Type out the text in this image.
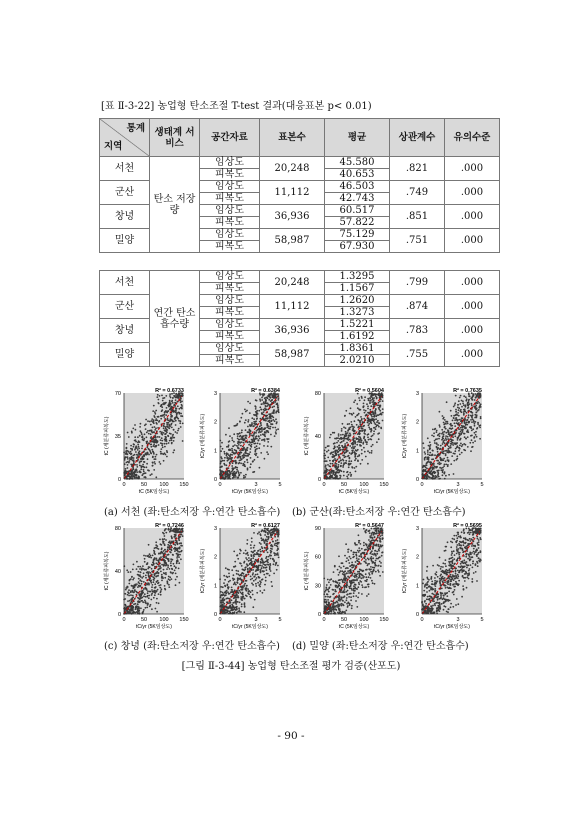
[표 Ⅱ-3-22] 농업형 탄소조절 T-test 결과(대응표본 p< 0.01)
통계
지역	생태계 서비스	공간자료	표본수	평균	상관계수	유의수준
서천	탄소 저장량	임상도	20,248	45.580	.821	.000
		피복도		40.653		
군산		임상도	11,112	46.503	.749	.000
		피복도		42.743		
창녕		임상도	36,936	60.517	.851	.000
		피복도		57.822		
밀양		임상도	58,987	75.129	.751	.000
		피복도		67.930		
서천	연간 탄소 흡수량	임상도	20,248	1.3295	.799	.000
		피복도		1.1567		
군산		임상도	11,112	1.2620	.874	.000
		피복도		1.3273		
창녕		임상도	36,936	1.5221	.783	.000
		피복도		1.6192		
밀양		임상도	58,987	1.8361	.755	.000
		피복도		2.0210		
R² = 0.6733
0	50 100 150
0
35
70
tC (5K임상도)
tC (세분류피복도)
R² = 0.6384
0	3	5
0
1
2
3
tC/yr (5K임상도)
tC/yr (세분류피복도)
R² = 0.5604
0	50 100 150
0
40
80
tC (5K임상도)
tC (세분류피복도)
R² = 0.7635
0	3	5
0
1
2
3
tC/yr (5K임상도)
tC/yr (세분류피복도)
R² = 0.7246
0	50 100 150
0
40
80
tC/yr (5K임상도)
tC (세분류피복도)
R² = 0.6127
0	3	5
0
1
2
3
tC/yr (5K임상도)
tC/yr (세분류피복도)
R² = 0.5647
0	50 100 150
0
30
60
90
tC (5K임상도)
tC (세분류피복도)
R² = 0.5695
0	3	5
0
1
2
3
tC/yr (5K임상도)
tC/yr (세분류피복도)
(a) 서천 (좌:탄소저장 우:연간 탄소흡수) (b) 군산(좌:탄소저장 우:연간 탄소흡수)
(c) 창녕 (좌:탄소저장 우:연간 탄소흡수) (d) 밀양 (좌:탄소저장 우:연간 탄소흡수)
[그림 Ⅱ-3-44] 농업형 탄소조절 평가 검증(산포도)
- 90 -
